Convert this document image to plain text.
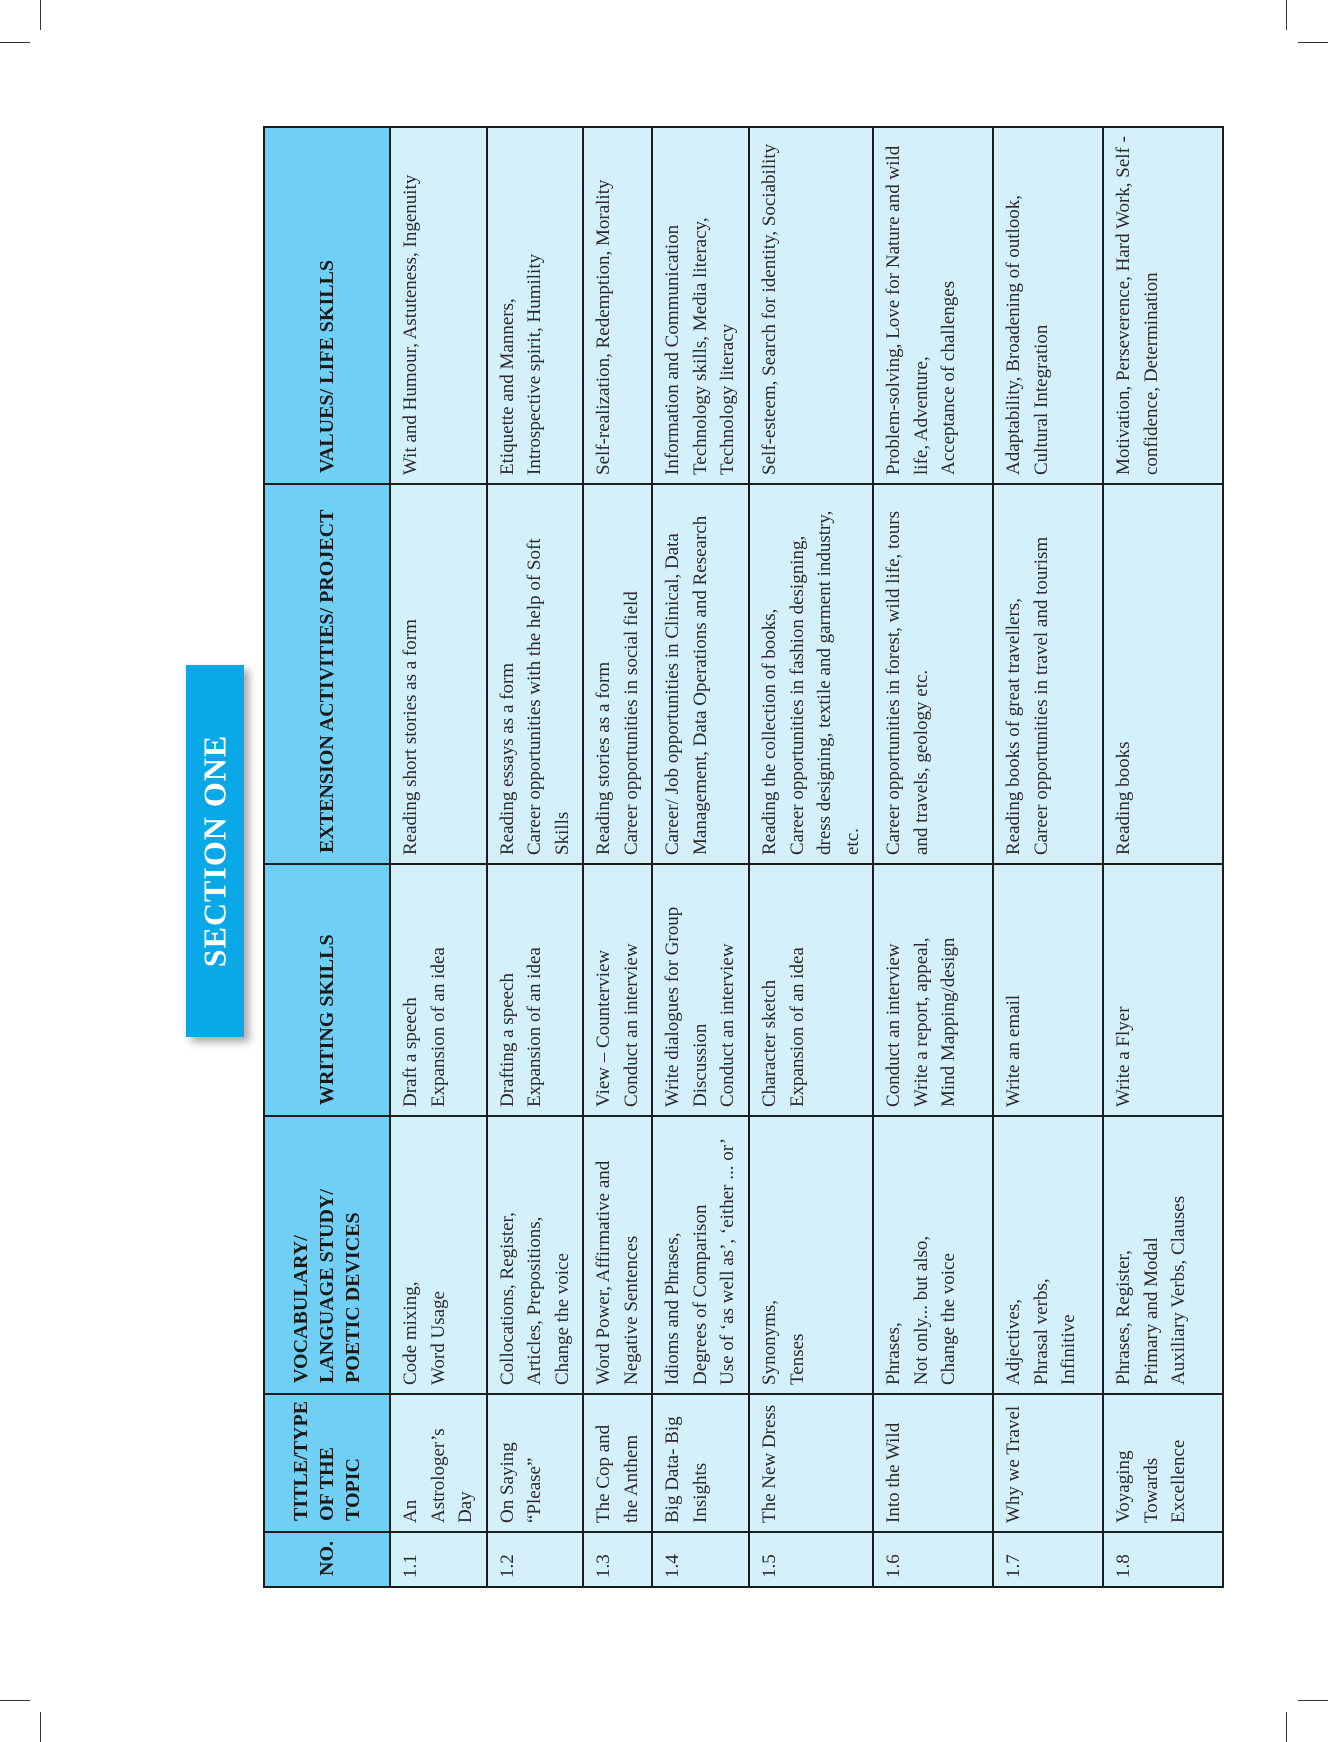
SECTION ONE
NO.	TITLE/TYPE OF THE TOPIC	VOCABULARY/ LANGUAGE STUDY/ POETIC DEVICES	WRITING SKILLS	EXTENSION ACTIVITIES/ PROJECT	VALUES/ LIFE SKILLS
1.1	An Astrologer’s Day	Code mixing, Word Usage	Draft a speech Expansion of an idea	Reading short stories as a form	Wit and Humour, Astuteness, Ingenuity

1.2	On Saying “Please”	Collocations, Register, Articles, Prepositions, Change the voice	Drafting a speech Expansion of an idea	Reading essays as a form Career opportunities with the help of Soft Skills	Etiquette and Manners, Introspective spirit, Humility

1.3	The Cop and the Anthem	Word Power, Affirmative and Negative Sentences	View – Counterview Conduct an interview	Reading stories as a form Career opportunities in social field	Self-realization, Redemption, Morality

1.4	Big Data- Big Insights	Idioms and Phrases, Degrees of Comparison Use of ‘as well as’, ‘either ... or’	Write dialogues for Group Discussion Conduct an interview	Career/ Job opportunities in Clinical, Data Management, Data Operations and Research	Information and Communication Technology skills, Media literacy, Technology literacy

1.5	The New Dress	Synonyms, Tenses	Character sketch Expansion of an idea	Reading the collection of books, Career opportunities in fashion designing, dress designing, textile and garment industry, etc.	Self-esteem, Search for identity, Sociability

1.6	Into the Wild	Phrases, Not only... but also, Change the voice	Conduct an interview Write a report, appeal, Mind Mapping/design	Career opportunities in forest, wild life, tours and travels, geology etc.	Problem-solving, Love for Nature and wild life, Adventure, Acceptance of challenges

1.7	Why we Travel	Adjectives, Phrasal verbs, Infinitive	Write an email	Reading books of great travellers, Career opportunities in travel and tourism	Adaptability, Broadening of outlook, Cultural Integration

1.8	Voyaging Towards Excellence	Phrases, Register, Primary and Modal Auxiliary Verbs, Clauses	Write a Flyer	Reading books	Motivation, Perseverence, Hard Work, Self -confidence, Determination
